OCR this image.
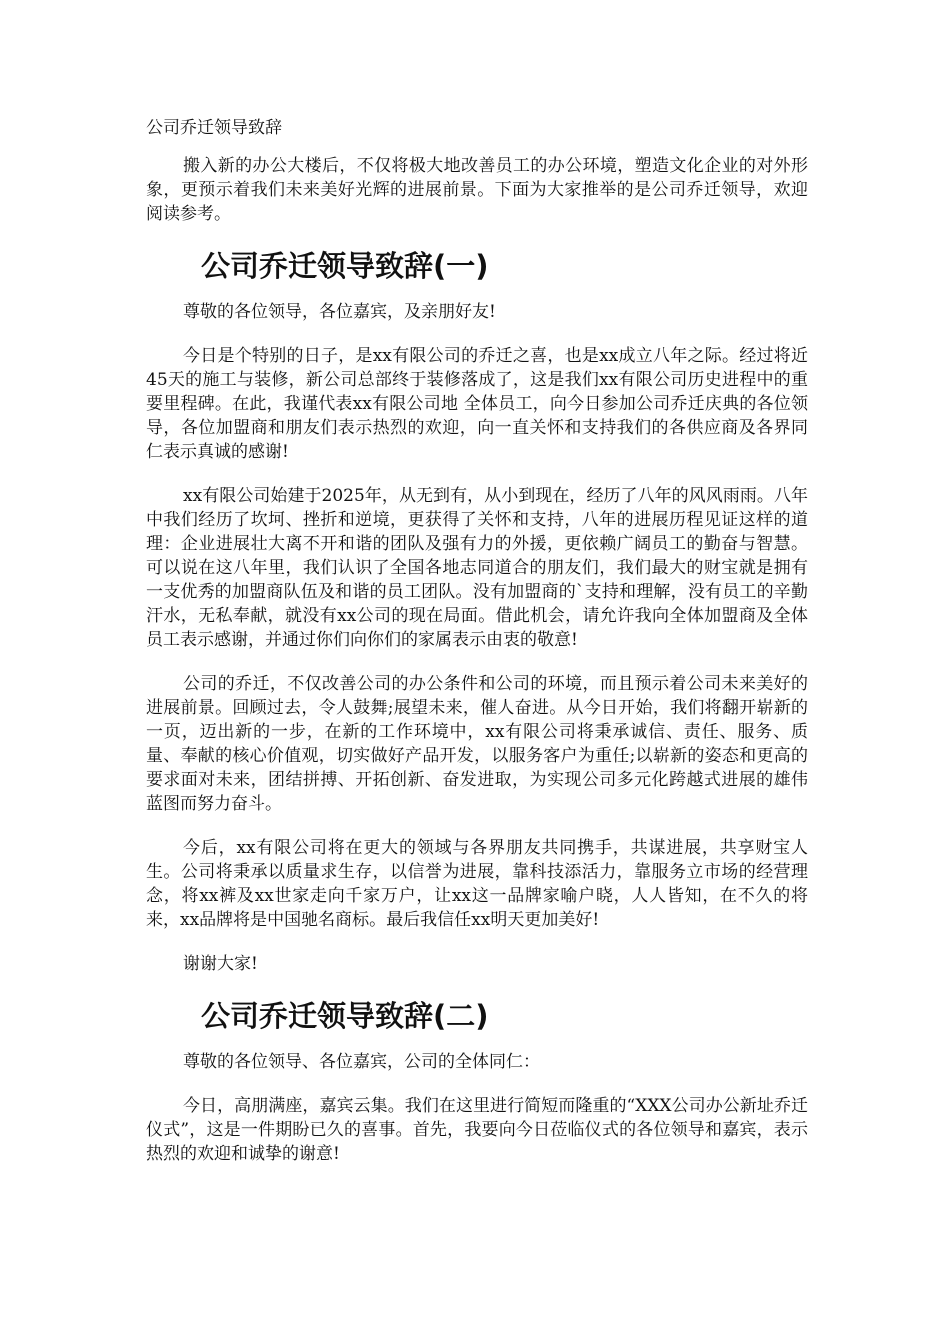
公司乔迁领导致辞

搬入新的办公大楼后，不仅将极大地改善员工的办公环境，塑造文化企业的对外形象，更预示着我们未来美好光辉的进展前景。下面为大家推举的是公司乔迁领导，欢迎阅读参考。

公司乔迁领导致辞(一)

尊敬的各位领导，各位嘉宾，及亲朋好友!

今日是个特别的日子，是xx有限公司的乔迁之喜，也是xx成立八年之际。经过将近45天的施工与装修，新公司总部终于装修落成了，这是我们xx有限公司历史进程中的重要里程碑。在此，我谨代表xx有限公司地 全体员工，向今日参加公司乔迁庆典的各位领导，各位加盟商和朋友们表示热烈的欢迎，向一直关怀和支持我们的各供应商及各界同仁表示真诚的感谢!

xx有限公司始建于2025年，从无到有，从小到现在，经历了八年的风风雨雨。八年中我们经历了坎坷、挫折和逆境，更获得了关怀和支持，八年的进展历程见证这样的道理：企业进展壮大离不开和谐的团队及强有力的外援，更依赖广阔员工的勤奋与智慧。可以说在这八年里，我们认识了全国各地志同道合的朋友们，我们最大的财宝就是拥有一支优秀的加盟商队伍及和谐的员工团队。没有加盟商的`支持和理解，没有员工的辛勤汗水，无私奉献，就没有xx公司的现在局面。借此机会，请允许我向全体加盟商及全体员工表示感谢，并通过你们向你们的家属表示由衷的敬意!

公司的乔迁，不仅改善公司的办公条件和公司的环境，而且预示着公司未来美好的进展前景。回顾过去，令人鼓舞;展望未来，催人奋进。从今日开始，我们将翻开崭新的一页，迈出新的一步，在新的工作环境中，xx有限公司将秉承诚信、责任、服务、质量、奉献的核心价值观，切实做好产品开发，以服务客户为重任;以崭新的姿态和更高的要求面对未来，团结拼搏、开拓创新、奋发进取，为实现公司多元化跨越式进展的雄伟蓝图而努力奋斗。

今后，xx有限公司将在更大的领域与各界朋友共同携手，共谋进展，共享财宝人生。公司将秉承以质量求生存，以信誉为进展，靠科技添活力，靠服务立市场的经营理念，将xx裤及xx世家走向千家万户，让xx这一品牌家喻户晓，人人皆知，在不久的将来，xx品牌将是中国驰名商标。最后我信任xx明天更加美好!

谢谢大家!

公司乔迁领导致辞(二)

尊敬的各位领导、各位嘉宾，公司的全体同仁：

今日，高朋满座，嘉宾云集。我们在这里进行简短而隆重的“XXX公司办公新址乔迁仪式”，这是一件期盼已久的喜事。首先，我要向今日莅临仪式的各位领导和嘉宾，表示热烈的欢迎和诚挚的谢意!
